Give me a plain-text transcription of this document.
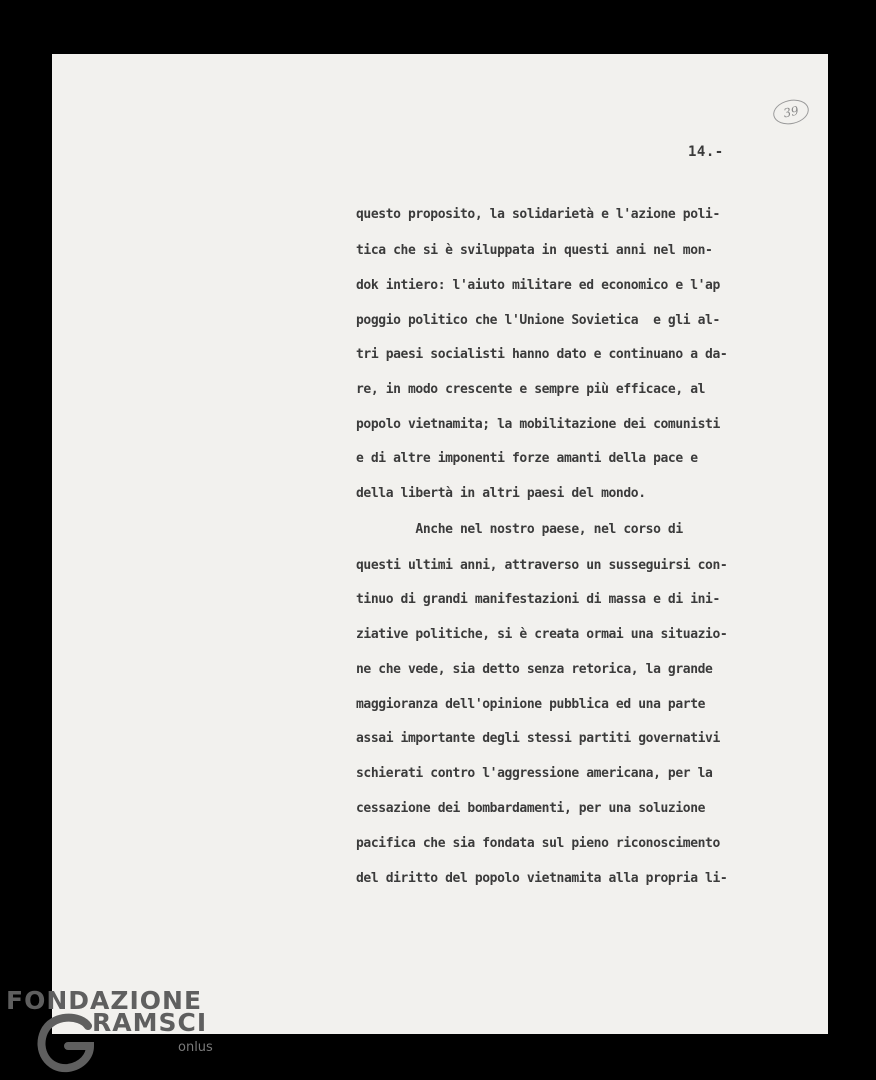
39
14.-
questo proposito, la solidarietà e l'azione poli-
tica che si è sviluppata in questi anni nel mon-
dok intiero: l'aiuto militare ed economico e l'ap
poggio politico che l'Unione Sovietica  e gli al-
tri paesi socialisti hanno dato e continuano a da-
re, in modo crescente e sempre più efficace, al
popolo vietnamita; la mobilitazione dei comunisti
e di altre imponenti forze amanti della pace e
della libertà in altri paesi del mondo.
Anche nel nostro paese, nel corso di
questi ultimi anni, attraverso un susseguirsi con-
tinuo di grandi manifestazioni di massa e di ini-
ziative politiche, si è creata ormai una situazio-
ne che vede, sia detto senza retorica, la grande
maggioranza dell'opinione pubblica ed una parte
assai importante degli stessi partiti governativi
schierati contro l'aggressione americana, per la
cessazione dei bombardamenti, per una soluzione
pacifica che sia fondata sul pieno riconoscimento
del diritto del popolo vietnamita alla propria li-
FONDAZIONE
RAMSCI
onlus
